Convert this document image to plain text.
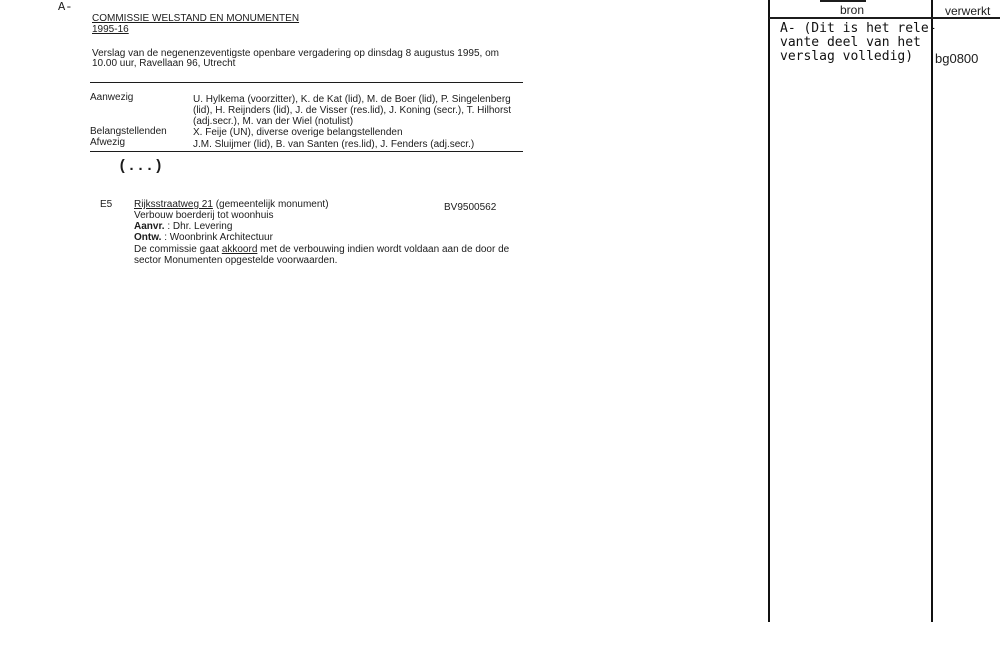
A-
COMMISSIE WELSTAND EN MONUMENTEN
1995-16
Verslag van de negenenzeventigste openbare vergadering op dinsdag 8 augustus 1995, om
10.00 uur, Ravellaan 96, Utrecht
Aanwezig	U. Hylkema (voorzitter), K. de Kat (lid), M. de Boer (lid), P. Singelenberg
(lid), H. Reijnders (lid), J. de Visser (res.lid), J. Koning (secr.), T. Hilhorst
(adj.secr.), M. van der Wiel (notulist)
Belangstellenden	X. Feije (UN), diverse overige belangstellenden
Afwezig	J.M. Sluijmer (lid), B. van Santen (res.lid), J. Fenders (adj.secr.)
(...)
E5 Rijksstraatweg 21 (gemeentelijk monument)	BV9500562
Verbouw boerderij tot woonhuis
Aanvr. : Dhr. Levering
Ontw. : Woonbrink Architectuur
De commissie gaat akkoord met de verbouwing indien wordt voldaan aan de door de
sector Monumenten opgestelde voorwaarden.
bron	verwerkt
A- (Dit is het rele-
vante deel van het
verslag volledig) bg0800
